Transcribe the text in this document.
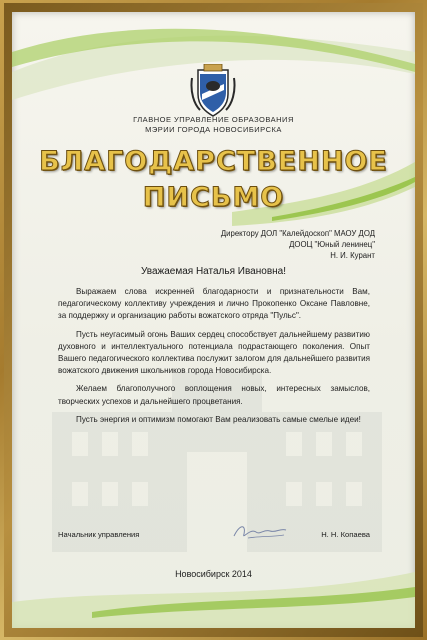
ГЛАВНОЕ УПРАВЛЕНИЕ ОБРАЗОВАНИЯ
МЭРИИ ГОРОДА НОВОСИБИРСКА
БЛАГОДАРСТВЕННОЕ
ПИСЬМО
Директору ДОЛ "Калейдоскоп" МАОУ ДОД
ДООЦ "Юный ленинец"
Н. И. Курант
Уважаемая Наталья Ивановна!

Выражаем слова искренней благодарности и признательности Вам, педагогическому коллективу учреждения и лично Прокопенко Оксане Павловне, за поддержку и организацию работы вожатского отряда "Пульс".

Пусть неугасимый огонь Ваших сердец способствует дальнейшему развитию духовного и интеллектуального потенциала подрастающего поколения. Опыт Вашего педагогического коллектива послужит залогом для дальнейшего развития вожатского движения школьников города Новосибирска.

Желаем благополучного воплощения новых, интересных замыслов, творческих успехов и дальнейшего процветания.

Пусть энергия и оптимизм помогают Вам реализовать самые смелые идеи!

Начальник управления	Н. Н. Копаева
Новосибирск 2014
